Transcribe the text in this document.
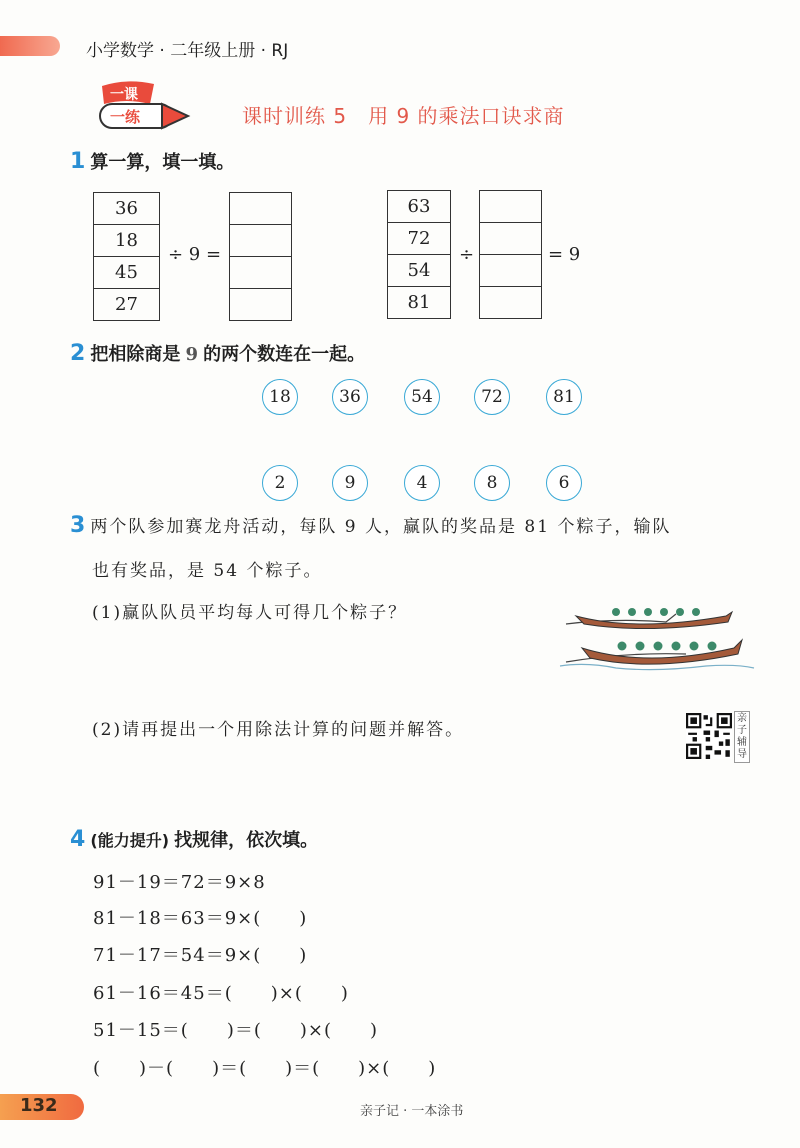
小学数学 · 二年级上册 · RJ
一课
一练	课时训练 5　用 9 的乘法口诀求商
1 算一算，填一填。
36
18
45
27
÷ 9 =

63
72
54
81
÷	= 9
2 把相除商是 9 的两个数连在一起。
18	36	54	72	81
2	9	4	8	6
3 两个队参加赛龙舟活动，每队 9 人，赢队的奖品是 81 个粽子，输队
也有奖品，是 54 个粽子。
(1)赢队队员平均每人可得几个粽子？
(2)请再提出一个用除法计算的问题并解答。
亲子辅导
4 (能力提升) 找规律，依次填。
91－19＝72＝9×8
81－18＝63＝9×(　　)
71－17＝54＝9×(　　)
61－16＝45＝(　　)×(　　)
51－15＝(　　)＝(　　)×(　　)
(　　)－(　　)＝(　　)＝(　　)×(　　)
132	亲子记 · 一本涂书
